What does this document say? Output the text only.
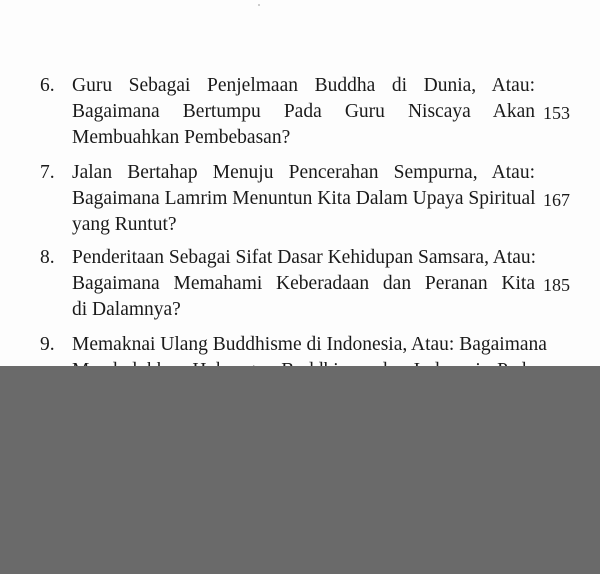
6. Guru Sebagai Penjelmaan Buddha di Dunia, Atau:
Bagaimana Bertumpu Pada Guru Niscaya Akan
Membuahkan Pembebasan?
153
7. Jalan Bertahap Menuju Pencerahan Sempurna, Atau:
Bagaimana Lamrim Menuntun Kita Dalam Upaya Spiritual
yang Runtut?
167
8. Penderitaan Sebagai Sifat Dasar Kehidupan Samsara, Atau:
Bagaimana Memahami Keberadaan dan Peranan Kita
di Dalamnya?
185
9. Memaknai Ulang Buddhisme di Indonesia, Atau: Bagaimana
